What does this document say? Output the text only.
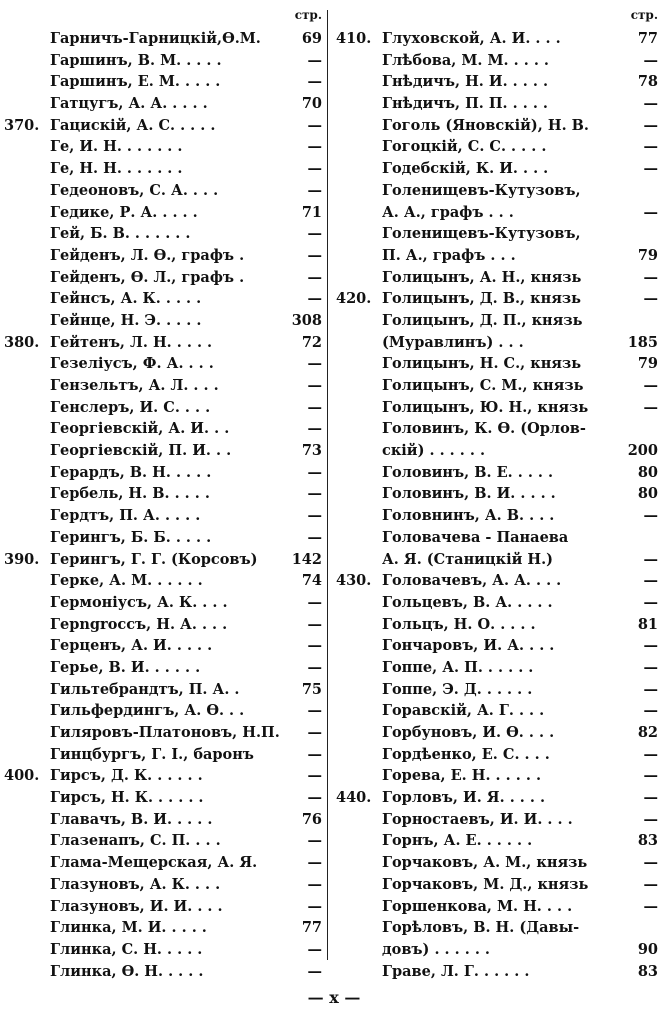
стр.
Гарничъ-Гарницкій,Ѳ.М.	69
Гаршинъ, В. М. . . . .	—
Гаршинъ, Е. М. . . . .	—
Гатцугъ, А. А. . . . .	70
370. Гацискій, А. С. . . . .	—
Ге, И. Н. . . . . . .	—
Ге, Н. Н. . . . . . .	—
Гедеоновъ, С. А. . . .	—
Гедике, Р. А. . . . .	71
Гей, Б. В. . . . . . .	—
Гейденъ, Л. Ѳ., графъ .	—
Гейденъ, Ѳ. Л., графъ .	—
Гейнсъ, А. К. . . . .	—
Гейнце, Н. Э. . . . .	308
380. Гейтенъ, Л. Н. . . . .	72
Гезеліусъ, Ф. А. . . .	—
Гензельтъ, А. Л. . . .	—
Генслеръ, И. С. . . .	—
Георгіевскій, А. И. . .	—
Георгіевскій, П. И. . .	73
Герардъ, В. Н. . . . .	—
Гербель, Н. В. . . . .	—
Гердтъ, П. А. . . . .	—
Герингъ, Б. Б. . . . .	—
390. Герингъ, Г. Г. (Корсовъ) 142
Герке, А. М. . . . . .	74
Гермоніусъ, А. К. . . .	—
Герngrоссъ, Н. А. . . .	—
Герценъ, А. И. . . . .	—
Герье, В. И. . . . . .	—
Гильтебрандтъ, П. А. .	75
Гильфердингъ, А. Ѳ. . .	—
Гиляровъ-Платоновъ, Н.П. —
Гинцбургъ, Г. І., баронъ	—
400. Гирсъ, Д. К. . . . . .	—
Гирсъ, Н. К. . . . . .	—
Главачъ, В. И. . . . .	76
Глазенапъ, С. П. . . .	—
Глама-Мещерская, А. Я.	—
Глазуновъ, А. К. . . .	—
Глазуновъ, И. И. . . .	—
Глинка, М. И. . . . .	77
Глинка, С. Н. . . . .	—
Глинка, Ѳ. Н. . . . .	—
стр.
410. Глуховской, А. И. . . .	77
Глѣбова, М. М. . . . .	—
Гнѣдичъ, Н. И. . . . .	78
Гнѣдичъ, П. П. . . . .	—
Гоголь (Яновскій), Н. В.	—
Гогоцкій, С. С. . . . .	—
Годебскій, К. И. . . .	—
Голенищевъ-Кутузовъ,
А. А., графъ . . .	—
Голенищевъ-Кутузовъ,
П. А., графъ . . .	79
Голицынъ, А. Н., князь	—
420. Голицынъ, Д. В., князь	—
Голицынъ, Д. П., князь
(Муравлинъ) . . .	185
Голицынъ, Н. С., князь	79
Голицынъ, С. М., князь	—
Голицынъ, Ю. Н., князь	—
Головинъ, К. Ѳ. (Орлов-
скій) . . . . . .	200
Головинъ, В. Е. . . . .	80
Головинъ, В. И. . . . .	80
Головнинъ, А. В. . . .	—
Головачева - Панаева
А. Я. (Станицкій Н.)	—
430. Головачевъ, А. А. . . .	—
Гольцевъ, В. А. . . . .	—
Гольцъ, Н. О. . . . .	81
Гончаровъ, И. А. . . .	—
Гоппе, А. П. . . . . .	—
Гоппе, Э. Д. . . . . .	—
Горавскій, А. Г. . . .	—
Горбуновъ, И. Ѳ. . . .	82
Гордѣенко, Е. С. . . .	—
Горева, Е. Н. . . . . .	—
440. Горловъ, И. Я. . . . .	—
Горностаевъ, И. И. . . .	—
Горнъ, А. Е. . . . . .	83
Горчаковъ, А. М., князь	—
Горчаковъ, М. Д., князь	—
Горшенкова, М. Н. . . .	—
Горѣловъ, В. Н. (Давы-
довъ) . . . . . .	90
Граве, Л. Г. . . . . .	83
— x —
